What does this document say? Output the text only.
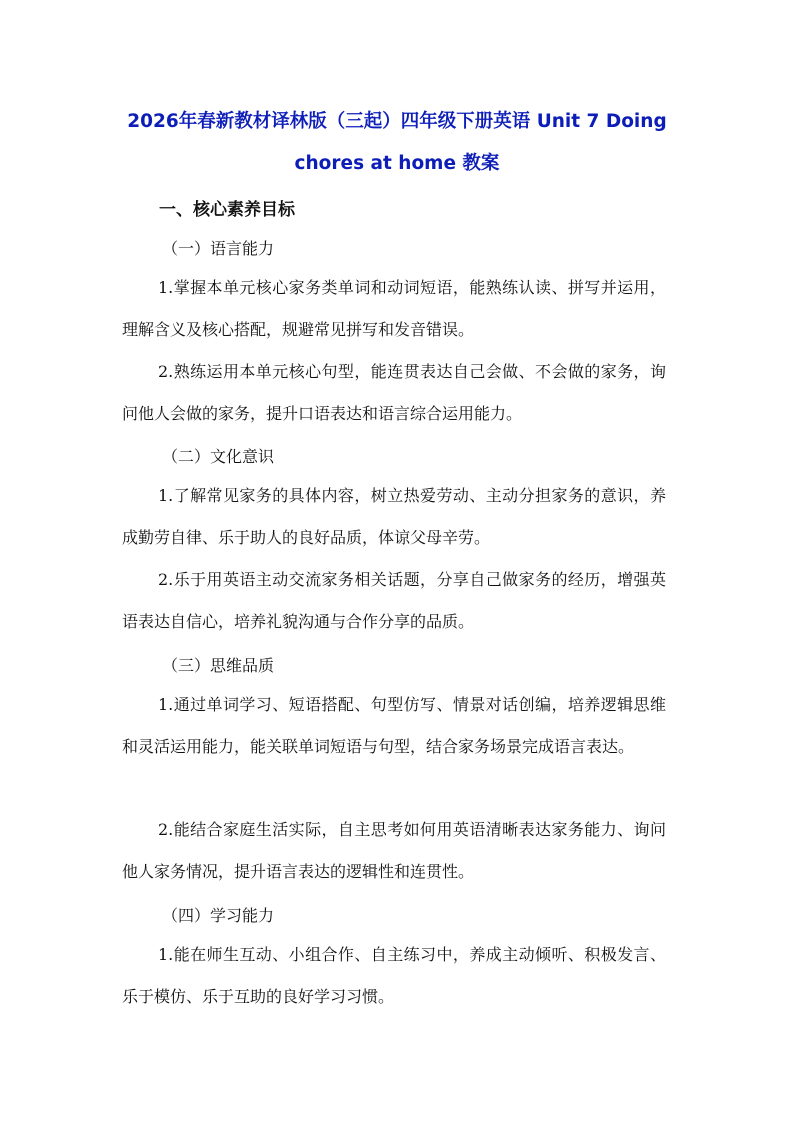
2026年春新教材译林版（三起）四年级下册英语 Unit 7 Doing
chores at home 教案
一、核心素养目标
（一）语言能力

1.掌握本单元核心家务类单词和动词短语，能熟练认读、拼写并运用，理解含义及核心搭配，规避常见拼写和发音错误。

2.熟练运用本单元核心句型，能连贯表达自己会做、不会做的家务，询问他人会做的家务，提升口语表达和语言综合运用能力。

（二）文化意识

1.了解常见家务的具体内容，树立热爱劳动、主动分担家务的意识，养成勤劳自律、乐于助人的良好品质，体谅父母辛劳。

2.乐于用英语主动交流家务相关话题，分享自己做家务的经历，增强英语表达自信心，培养礼貌沟通与合作分享的品质。

（三）思维品质

1.通过单词学习、短语搭配、句型仿写、情景对话创编，培养逻辑思维和灵活运用能力，能关联单词短语与句型，结合家务场景完成语言表达。

2.能结合家庭生活实际，自主思考如何用英语清晰表达家务能力、询问他人家务情况，提升语言表达的逻辑性和连贯性。

（四）学习能力

1.能在师生互动、小组合作、自主练习中，养成主动倾听、积极发言、乐于模仿、乐于互助的良好学习习惯。
